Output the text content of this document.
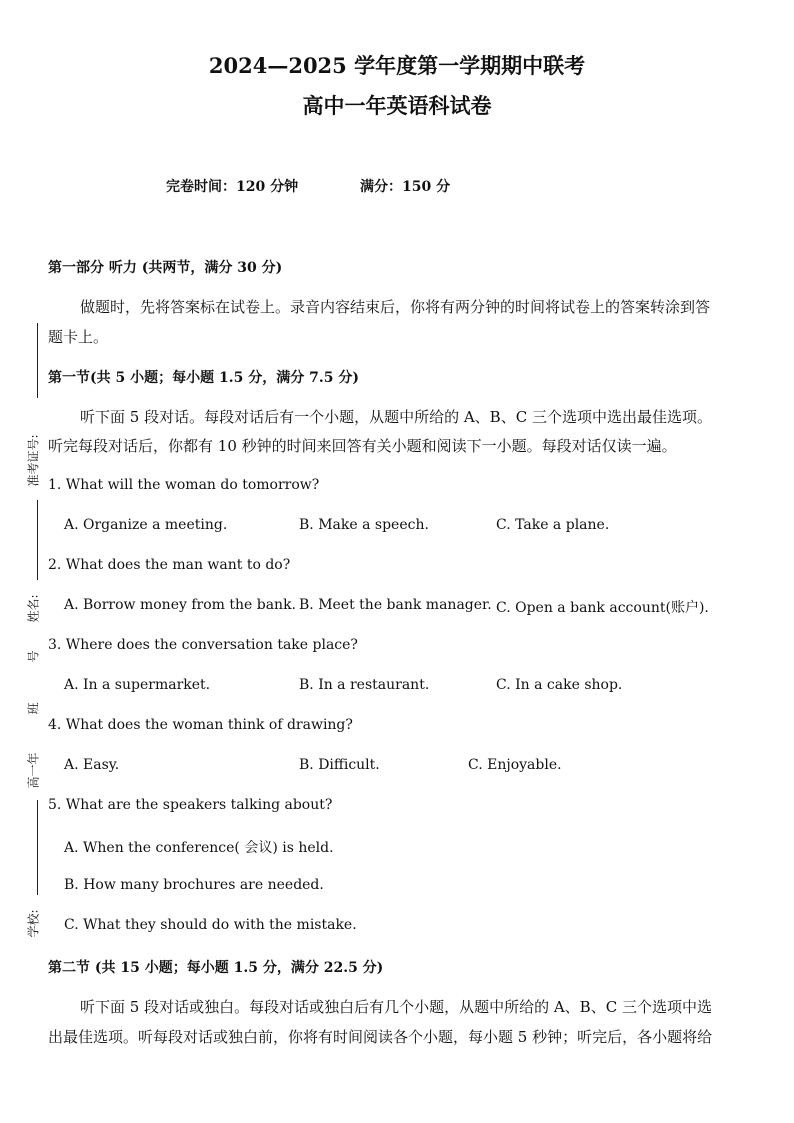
2024—2025 学年度第一学期期中联考
高中一年英语科试卷
完卷时间：120 分钟	满分：150 分
准考证号:
姓名:
号
班
高一年
学校:
第一部分 听力 (共两节，满分 30 分)
做题时，先将答案标在试卷上。录音内容结束后，你将有两分钟的时间将试卷上的答案转涂到答
题卡上。
第一节(共 5 小题；每小题 1.5 分，满分 7.5 分)
听下面 5 段对话。每段对话后有一个小题，从题中所给的 A、B、C 三个选项中选出最佳选项。
听完每段对话后，你都有 10 秒钟的时间来回答有关小题和阅读下一小题。每段对话仅读一遍。
1. What will the woman do tomorrow?
A. Organize a meeting.	B. Make a speech.	C. Take a plane.
2. What does the man want to do?
A. Borrow money from the bank. B. Meet the bank manager. C. Open a bank account(账户).
3. Where does the conversation take place?
A. In a supermarket.	B. In a restaurant.	C. In a cake shop.
4. What does the woman think of drawing?
A. Easy.	B. Difficult.	C. Enjoyable.
5. What are the speakers talking about?
A. When the conference( 会议) is held.
B. How many brochures are needed.
C. What they should do with the mistake.
第二节 (共 15 小题；每小题 1.5 分，满分 22.5 分)
听下面 5 段对话或独白。每段对话或独白后有几个小题，从题中所给的 A、B、C 三个选项中选
出最佳选项。听每段对话或独白前，你将有时间阅读各个小题，每小题 5 秒钟；听完后，各小题将给
